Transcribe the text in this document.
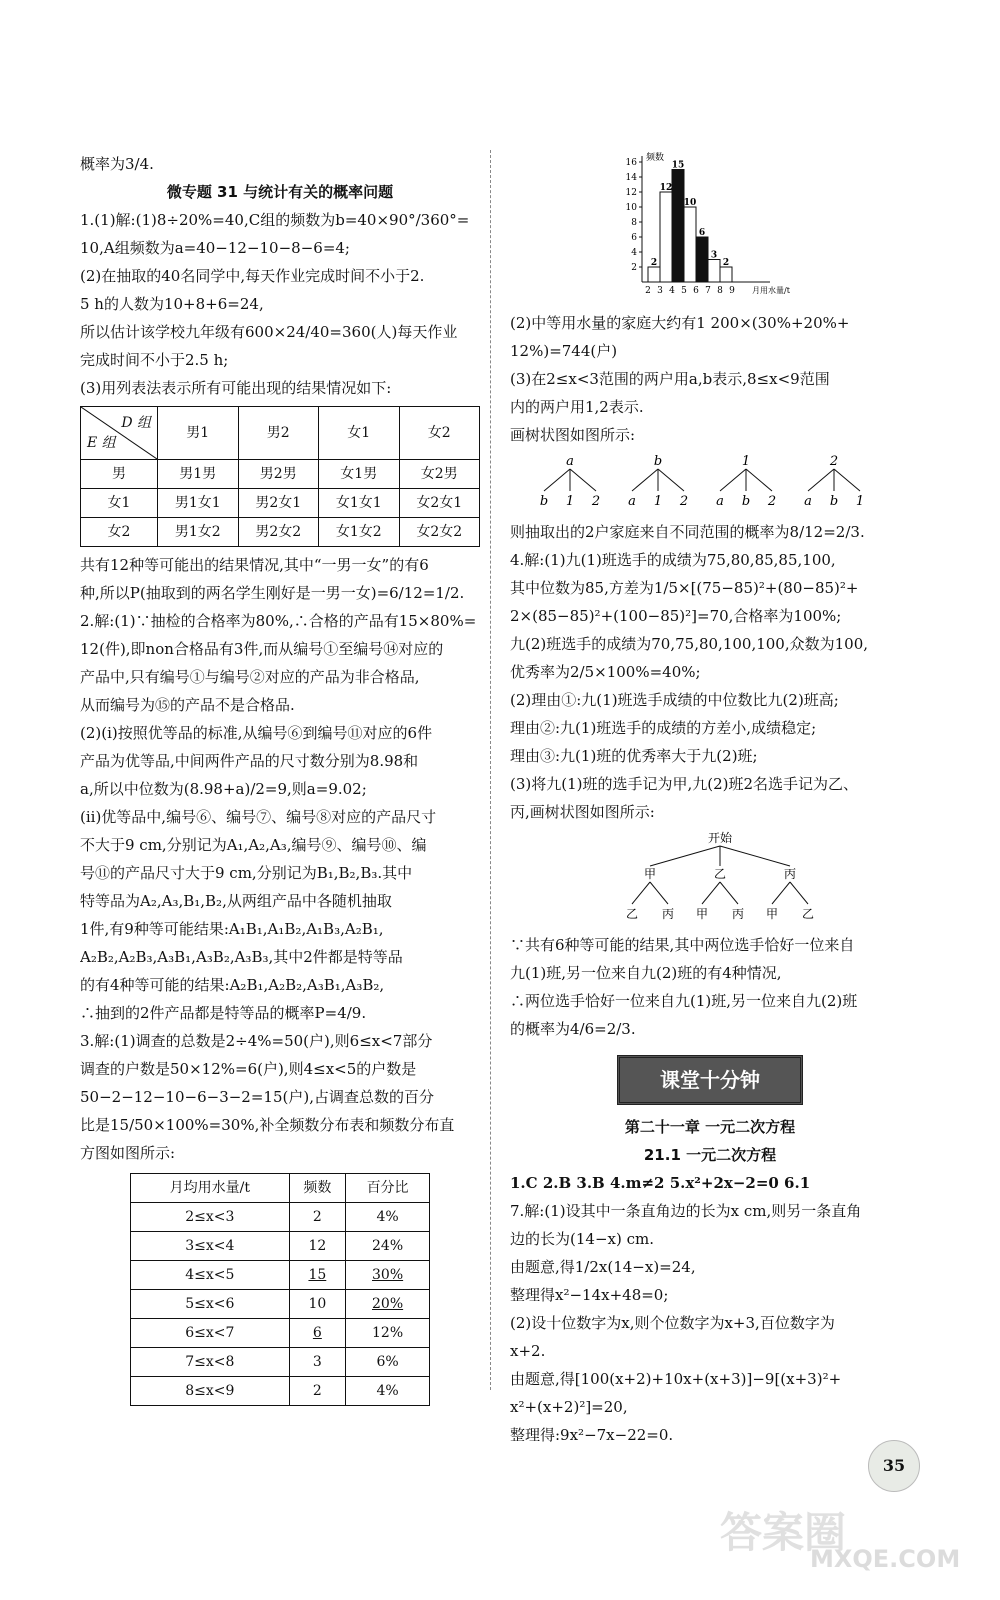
概率为3/4.
微专题 31 与统计有关的概率问题
1.(1)解:(1)8÷20%=40,C组的频数为b=40×90°/360°=
10,A组频数为a=40−12−10−8−6=4;
(2)在抽取的40名同学中,每天作业完成时间不小于2.
5 h的人数为10+8+6=24,
所以估计该学校九年级有600×24/40=360(人)每天作业
完成时间不小于2.5 h;
(3)用列表法表示所有可能出现的结果情况如下:
D 组
E 组	男1	男2	女1	女2
男	男1男	男2男	女1男	女2男
女1	男1女1	男2女1	女1女1	女2女1
女2	男1女2	男2女2	女1女2	女2女2
共有12种等可能出的结果情况,其中“一男一女”的有6
种,所以P(抽取到的两名学生刚好是一男一女)=6/12=1/2.
2.解:(1)∵抽检的合格率为80%,∴合格的产品有15×80%=
12(件),即non合格品有3件,而从编号①至编号⑭对应的
产品中,只有编号①与编号②对应的产品为非合格品,
从而编号为⑮的产品不是合格品.
(2)(i)按照优等品的标准,从编号⑥到编号⑪对应的6件
产品为优等品,中间两件产品的尺寸数分别为8.98和
a,所以中位数为(8.98+a)/2=9,则a=9.02;
(ii)优等品中,编号⑥、编号⑦、编号⑧对应的产品尺寸
不大于9 cm,分别记为A₁,A₂,A₃,编号⑨、编号⑩、编
号⑪的产品尺寸大于9 cm,分别记为B₁,B₂,B₃.其中
特等品为A₂,A₃,B₁,B₂,从两组产品中各随机抽取
1件,有9种等可能结果:A₁B₁,A₁B₂,A₁B₃,A₂B₁,
A₂B₂,A₂B₃,A₃B₁,A₃B₂,A₃B₃,其中2件都是特等品
的有4种等可能的结果:A₂B₁,A₂B₂,A₃B₁,A₃B₂,
∴抽到的2件产品都是特等品的概率P=4/9.
3.解:(1)调查的总数是2÷4%=50(户),则6≤x<7部分
调查的户数是50×12%=6(户),则4≤x<5的户数是
50−2−12−10−6−3−2=15(户),占调查总数的百分
比是15/50×100%=30%,补全频数分布表和频数分布直
方图如图所示:
月均用水量/t	频数	百分比
2≤x<3	2	4%
3≤x<4	12	24%
4≤x<5	15	30%
5≤x<6	10	20%
6≤x<7	6	12%
7≤x<8	3	6%
8≤x<9	2	4%
频数
2
4
6
8
10
12
14
16
2 3 4 5 6 7 8 9 月用水量/t
2
12
15
10
6
3
2
(2)中等用水量的家庭大约有1 200×(30%+20%+
12%)=744(户)
(3)在2≤x<3范围的两户用a,b表示,8≤x<9范围
内的两户用1,2表示.
画树状图如图所示:
a
b 1 2
b
a 1 2
1
a b 2
2
a b 1
则抽取出的2户家庭来自不同范围的概率为8/12=2/3.
4.解:(1)九(1)班选手的成绩为75,80,85,85,100,
其中位数为85,方差为1/5×[(75−85)²+(80−85)²+
2×(85−85)²+(100−85)²]=70,合格率为100%;
九(2)班选手的成绩为70,75,80,100,100,众数为100,
优秀率为2/5×100%=40%;
(2)理由①:九(1)班选手成绩的中位数比九(2)班高;
理由②:九(1)班选手的成绩的方差小,成绩稳定;
理由③:九(1)班的优秀率大于九(2)班;
(3)将九(1)班的选手记为甲,九(2)班2名选手记为乙、
丙,画树状图如图所示:
开始
甲
乙 丙
乙
甲 丙
丙
甲 乙
∵共有6种等可能的结果,其中两位选手恰好一位来自
九(1)班,另一位来自九(2)班的有4种情况,
∴两位选手恰好一位来自九(1)班,另一位来自九(2)班
的概率为4/6=2/3.
课堂十分钟
第二十一章 一元二次方程
21.1 一元二次方程
1.C 2.B 3.B 4.m≠2 5.x²+2x−2=0 6.1
7.解:(1)设其中一条直角边的长为x cm,则另一条直角
边的长为(14−x) cm.
由题意,得1/2x(14−x)=24,
整理得x²−14x+48=0;
(2)设十位数字为x,则个位数字为x+3,百位数字为
x+2.
由题意,得[100(x+2)+10x+(x+3)]−9[(x+3)²+
x²+(x+2)²]=20,
整理得:9x²−7x−22=0.
35
答案圈
MXQE.COM
